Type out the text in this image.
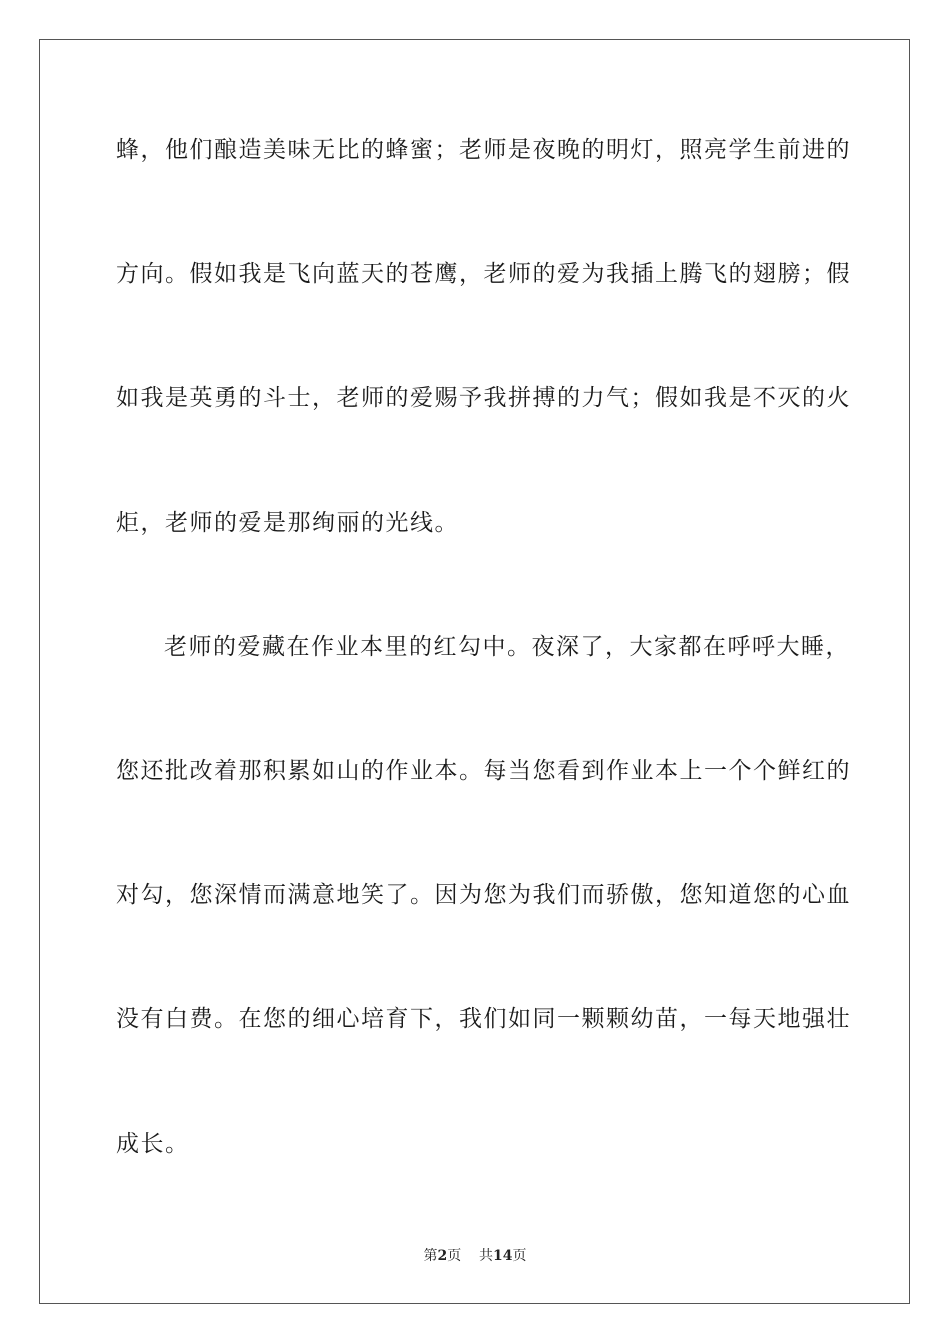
蜂，他们酿造美味无比的蜂蜜；老师是夜晚的明灯，照亮学生前进的
方向。假如我是飞向蓝天的苍鹰，老师的爱为我插上腾飞的翅膀；假
如我是英勇的斗士，老师的爱赐予我拼搏的力气；假如我是不灭的火
炬，老师的爱是那绚丽的光线。
老师的爱藏在作业本里的红勾中。夜深了，大家都在呼呼大睡，
您还批改着那积累如山的作业本。每当您看到作业本上一个个鲜红的
对勾，您深情而满意地笑了。因为您为我们而骄傲，您知道您的心血
没有白费。在您的细心培育下，我们如同一颗颗幼苗，一每天地强壮
成长。
第2页 共14页
